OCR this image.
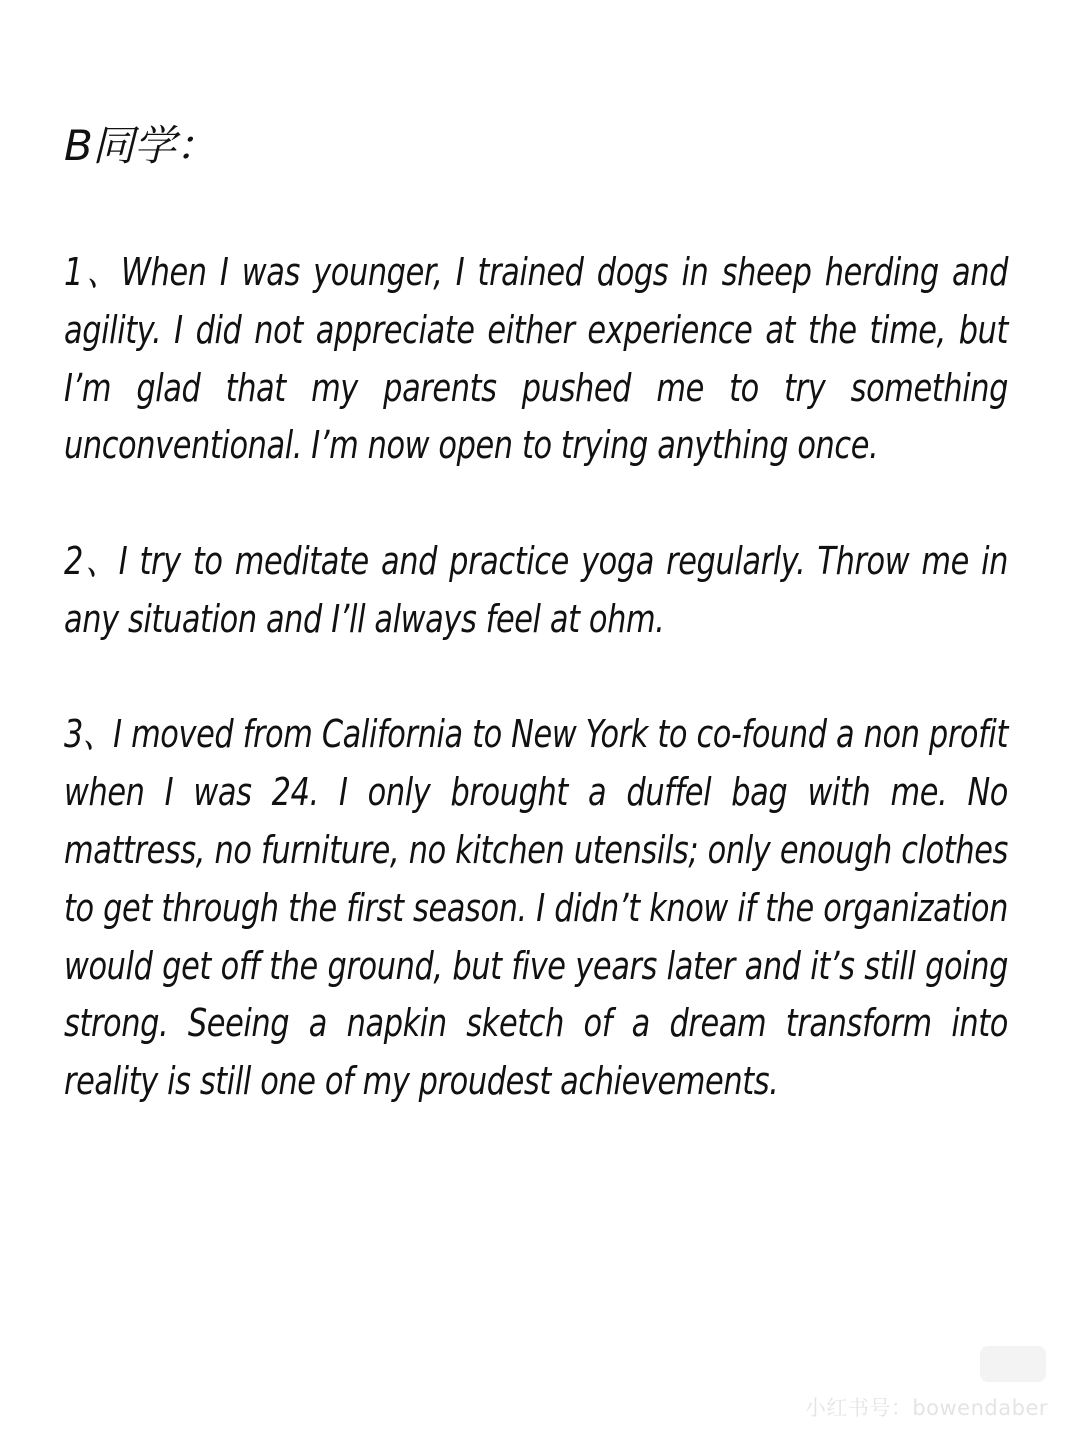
B同学：

1、When I was younger, I trained dogs in sheep herding and agility. I did not appreciate either experience at the time, but I’m glad that my parents pushed me to try something unconventional. I’m now open to trying anything once.

2、I try to meditate and practice yoga regularly. Throw me in any situation and I’ll always feel at ohm.

3、I moved from California to New York to co-found a non profit when I was 24. I only brought a duffel bag with me. No mattress, no furniture, no kitchen utensils; only enough clothes to get through the first season. I didn’t know if the organization would get off the ground, but five years later and it’s still going strong. Seeing a napkin sketch of a dream transform into reality is still one of my proudest achievements.

小红书号：bowendaber
